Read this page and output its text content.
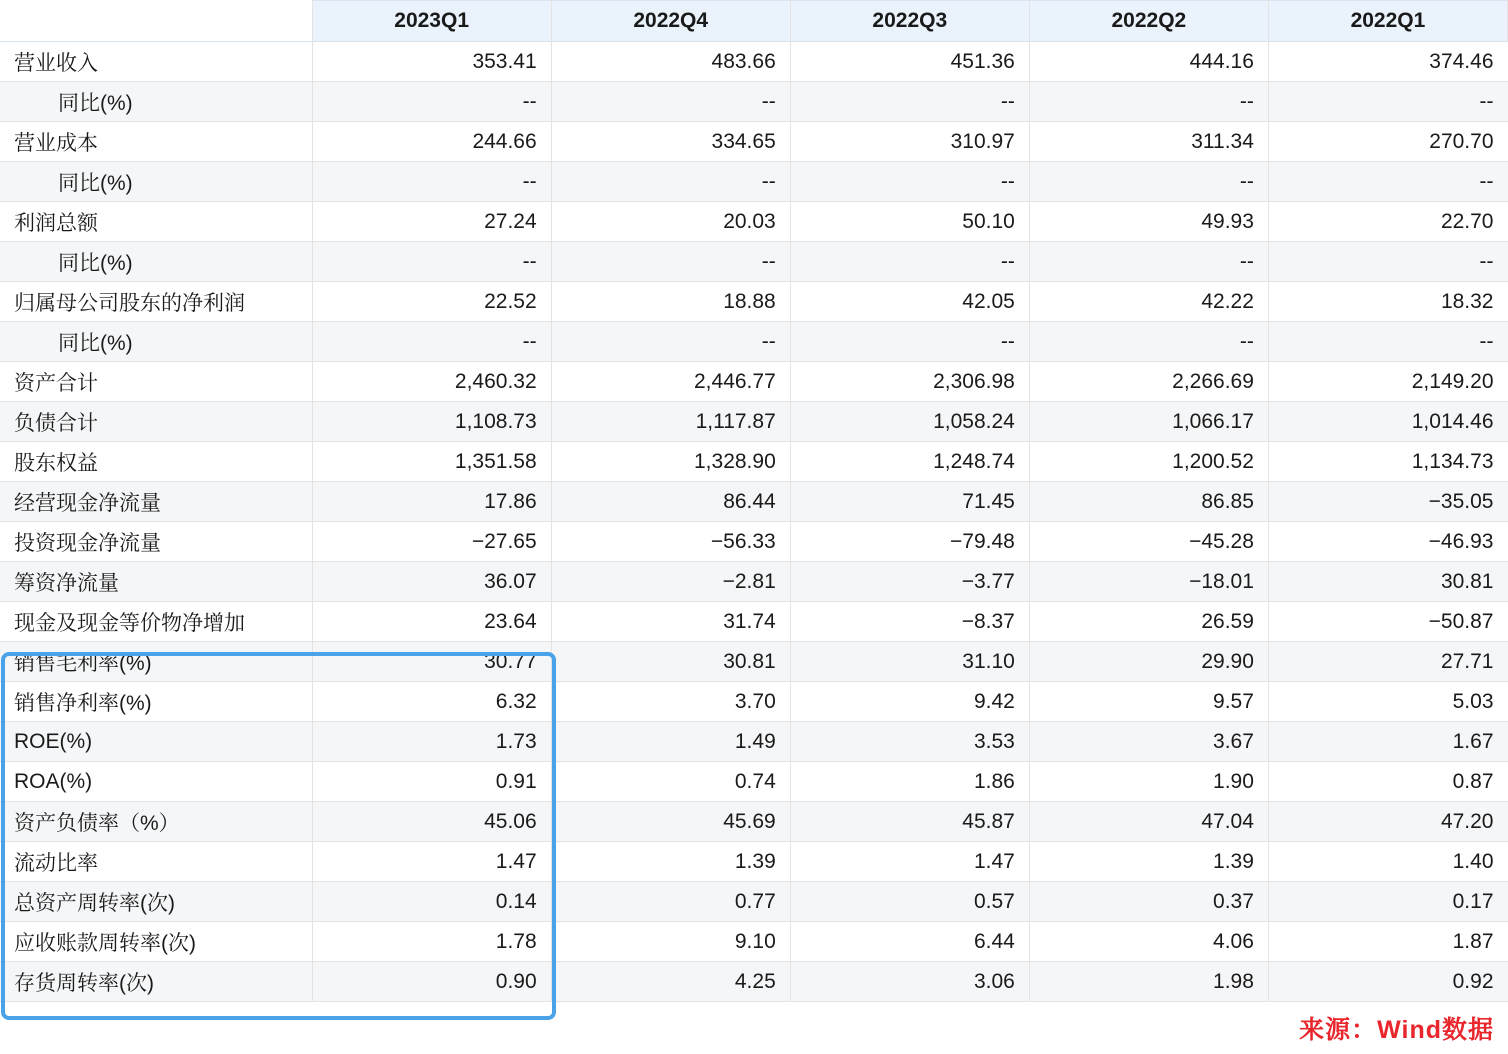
	2023Q1	2022Q4	2022Q3	2022Q2	2022Q1
营业收入	353.41	483.66	451.36	444.16	374.46
同比(%)	--	--	--	--	--
营业成本	244.66	334.65	310.97	311.34	270.70
同比(%)	--	--	--	--	--
利润总额	27.24	20.03	50.10	49.93	22.70
同比(%)	--	--	--	--	--
归属母公司股东的净利润	22.52	18.88	42.05	42.22	18.32
同比(%)	--	--	--	--	--
资产合计	2,460.32	2,446.77	2,306.98	2,266.69	2,149.20
负债合计	1,108.73	1,117.87	1,058.24	1,066.17	1,014.46
股东权益	1,351.58	1,328.90	1,248.74	1,200.52	1,134.73
经营现金净流量	17.86	86.44	71.45	86.85	−35.05
投资现金净流量	−27.65	−56.33	−79.48	−45.28	−46.93
筹资净流量	36.07	−2.81	−3.77	−18.01	30.81
现金及现金等价物净增加	23.64	31.74	−8.37	26.59	−50.87
销售毛利率(%)	30.77	30.81	31.10	29.90	27.71
销售净利率(%)	6.32	3.70	9.42	9.57	5.03
ROE(%)	1.73	1.49	3.53	3.67	1.67
ROA(%)	0.91	0.74	1.86	1.90	0.87
资产负债率（%）	45.06	45.69	45.87	47.04	47.20
流动比率	1.47	1.39	1.47	1.39	1.40
总资产周转率(次)	0.14	0.77	0.57	0.37	0.17
应收账款周转率(次)	1.78	9.10	6.44	4.06	1.87
存货周转率(次)	0.90	4.25	3.06	1.98	0.92
来源：Wind数据
